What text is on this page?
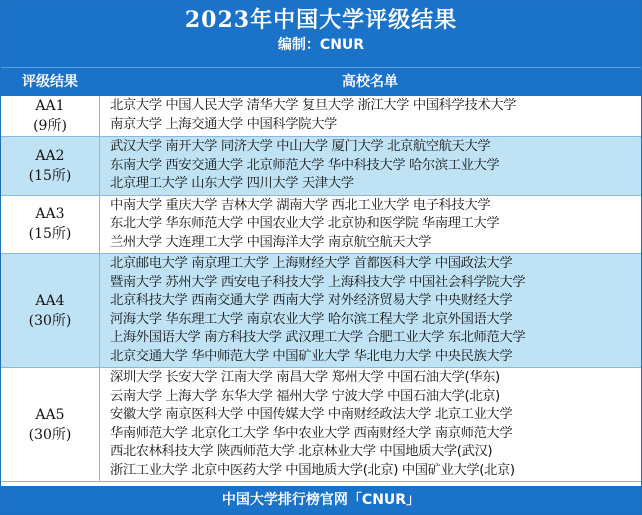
2023年中国大学评级结果
编制：CNUR
评级结果	高校名单
AA1
(9所)
北京大学 中国人民大学 清华大学 复旦大学 浙江大学 中国科学技术大学
南京大学 上海交通大学 中国科学院大学
AA2
(15所)
武汉大学 南开大学 同济大学 中山大学 厦门大学 北京航空航天大学
东南大学 西安交通大学 北京师范大学 华中科技大学 哈尔滨工业大学
北京理工大学 山东大学 四川大学 天津大学
AA3
(15所)
中南大学 重庆大学 吉林大学 湖南大学 西北工业大学 电子科技大学
东北大学 华东师范大学 中国农业大学 北京协和医学院 华南理工大学
兰州大学 大连理工大学 中国海洋大学 南京航空航天大学
AA4
(30所)
北京邮电大学 南京理工大学 上海财经大学 首都医科大学 中国政法大学
暨南大学 苏州大学 西安电子科技大学 上海科技大学 中国社会科学院大学
北京科技大学 西南交通大学 西南大学 对外经济贸易大学 中央财经大学
河海大学 华东理工大学 南京农业大学 哈尔滨工程大学 北京外国语大学
上海外国语大学 南方科技大学 武汉理工大学 合肥工业大学 东北师范大学
北京交通大学 华中师范大学 中国矿业大学 华北电力大学 中央民族大学
AA5
(30所)
深圳大学 长安大学 江南大学 南昌大学 郑州大学 中国石油大学(华东)
云南大学 上海大学 东华大学 福州大学 宁波大学 中国石油大学(北京)
安徽大学 南京医科大学 中国传媒大学 中南财经政法大学 北京工业大学
华南师范大学 北京化工大学 华中农业大学 西南财经大学 南京师范大学
西北农林科技大学 陕西师范大学 北京林业大学 中国地质大学(武汉)
浙江工业大学 北京中医药大学 中国地质大学(北京) 中国矿业大学(北京)
中国大学排行榜官网「CNUR」
